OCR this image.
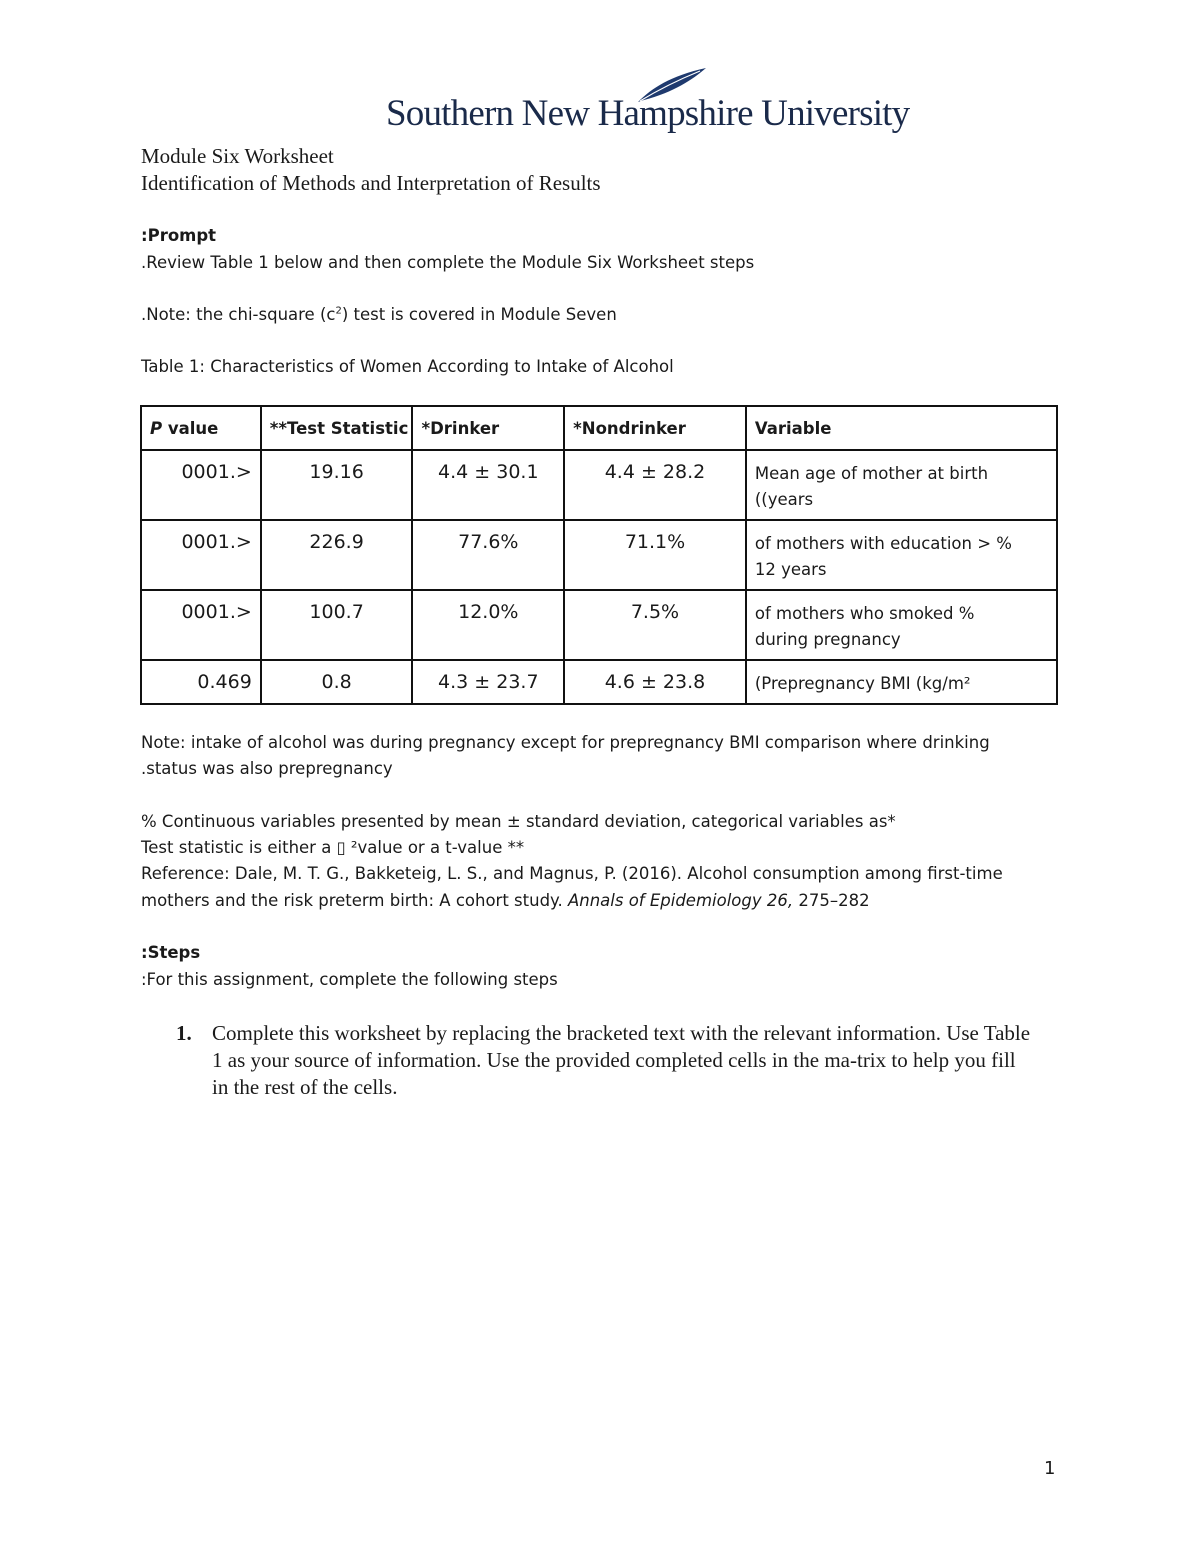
Southern New Hampshire University
Module Six Worksheet
Identification of Methods and Interpretation of Results
:Prompt
.Review Table 1 below and then complete the Module Six Worksheet steps
.Note: the chi-square $(c^2)$ test is covered in Module Seven
Table 1: Characteristics of Women According to Intake of Alcohol
P value	**Test Statistic	*Drinker	*Nondrinker	Variable
0001.>	19.16	4.4 ± 30.1	4.4 ± 28.2	Mean age of mother at birth
((years

0001.>	226.9	77.6%	71.1%	of mothers with education > %
12 years

0001.>	100.7	12.0%	7.5%	of mothers who smoked %
during pregnancy

0.469	0.8	4.3 ± 23.7	4.6 ± 23.8	(Prepregnancy BMI (kg/m²
Note: intake of alcohol was during pregnancy except for prepregnancy BMI comparison where drinking
.status was also prepregnancy
% Continuous variables presented by mean ± standard deviation, categorical variables as*
Test statistic is either a ▯ ²value or a t-value **
Reference: Dale, M. T. G., Bakketeig, L. S., and Magnus, P. (2016). Alcohol consumption among first-time
mothers and the risk preterm birth: A cohort study. Annals of Epidemiology 26, 275–282
:Steps
:For this assignment, complete the following steps
1. Complete this worksheet by replacing the bracketed text with the relevant information. Use Table 1 as your source of information. Use the provided completed cells in the ma-trix to help you fill in the rest of the cells.
1
